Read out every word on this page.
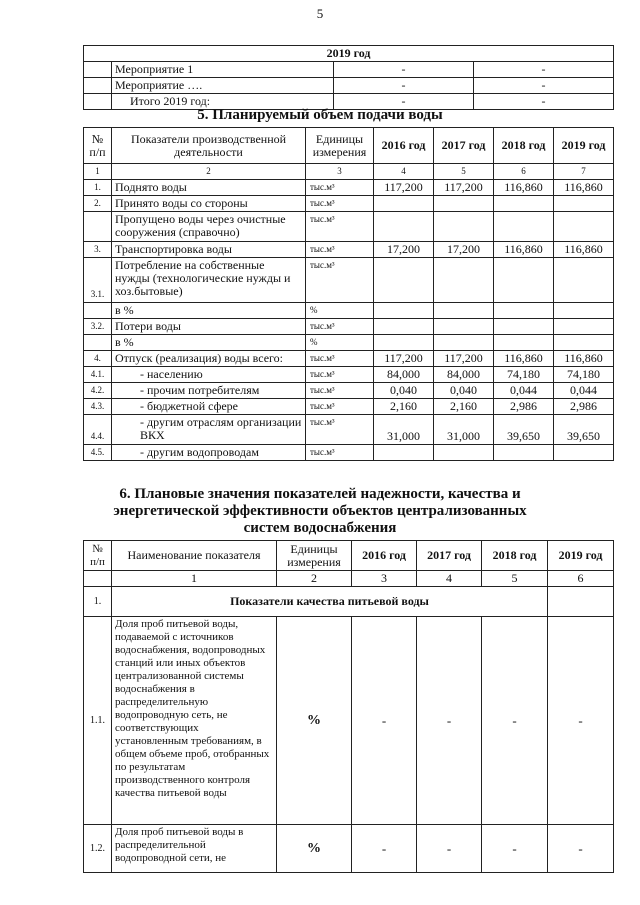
5
2019 год			
	Мероприятие 1	-	-
	Мероприятие ….	-	-
	Итого 2019 год:	-	-
5. Планируемый объем подачи воды
№ п/п	Показатели производственной деятельности	Единицы измерения	2016 год	2017 год	2018 год	2019 год
1	2	3	4	5	6	7
1.	Поднято воды	тыс.м³	117,200	117,200	116,860	116,860
2.	Принято воды со стороны	тыс.м³				
	Пропущено воды через очистные сооружения (справочно)	тыс.м³				
3.	Транспортировка воды	тыс.м³	17,200	17,200	116,860	116,860
3.1.	Потребление на собственные нужды (технологические нужды и хоз.бытовые)	тыс.м³				
	в %	%				
3.2.	Потери воды	тыс.м³				
	в %	%				
4.	Отпуск (реализация) воды всего:	тыс.м³	117,200	117,200	116,860	116,860
4.1.	- населению	тыс.м³	84,000	84,000	74,180	74,180
4.2.	- прочим потребителям	тыс.м³	0,040	0,040	0,044	0,044
4.3.	- бюджетной сфере	тыс.м³	2,160	2,160	2,986	2,986
4.4.	- другим отраслям организации ВКХ	тыс.м³	31,000	31,000	39,650	39,650
4.5.	- другим водопроводам	тыс.м³				
6. Плановые значения показателей надежности, качества и энергетической эффективности объектов централизованных систем водоснабжения
№ п/п	Наименование показателя	Единицы измерения	2016 год	2017 год	2018 год	2019 год
	1	2	3	4	5	6
1.	Показатели качества питьевой воды					
1.1.	Доля проб питьевой воды, подаваемой с источников водоснабжения, водопроводных станций или иных объектов централизованной системы водоснабжения в распределительную водопроводную сеть, не соответствующих установленным требованиям, в общем объеме проб, отобранных по результатам производственного контроля качества питьевой воды	%	-	-	-	-
1.2.	Доля проб питьевой воды в распределительной водопроводной сети, не	%	-	-	-	-
